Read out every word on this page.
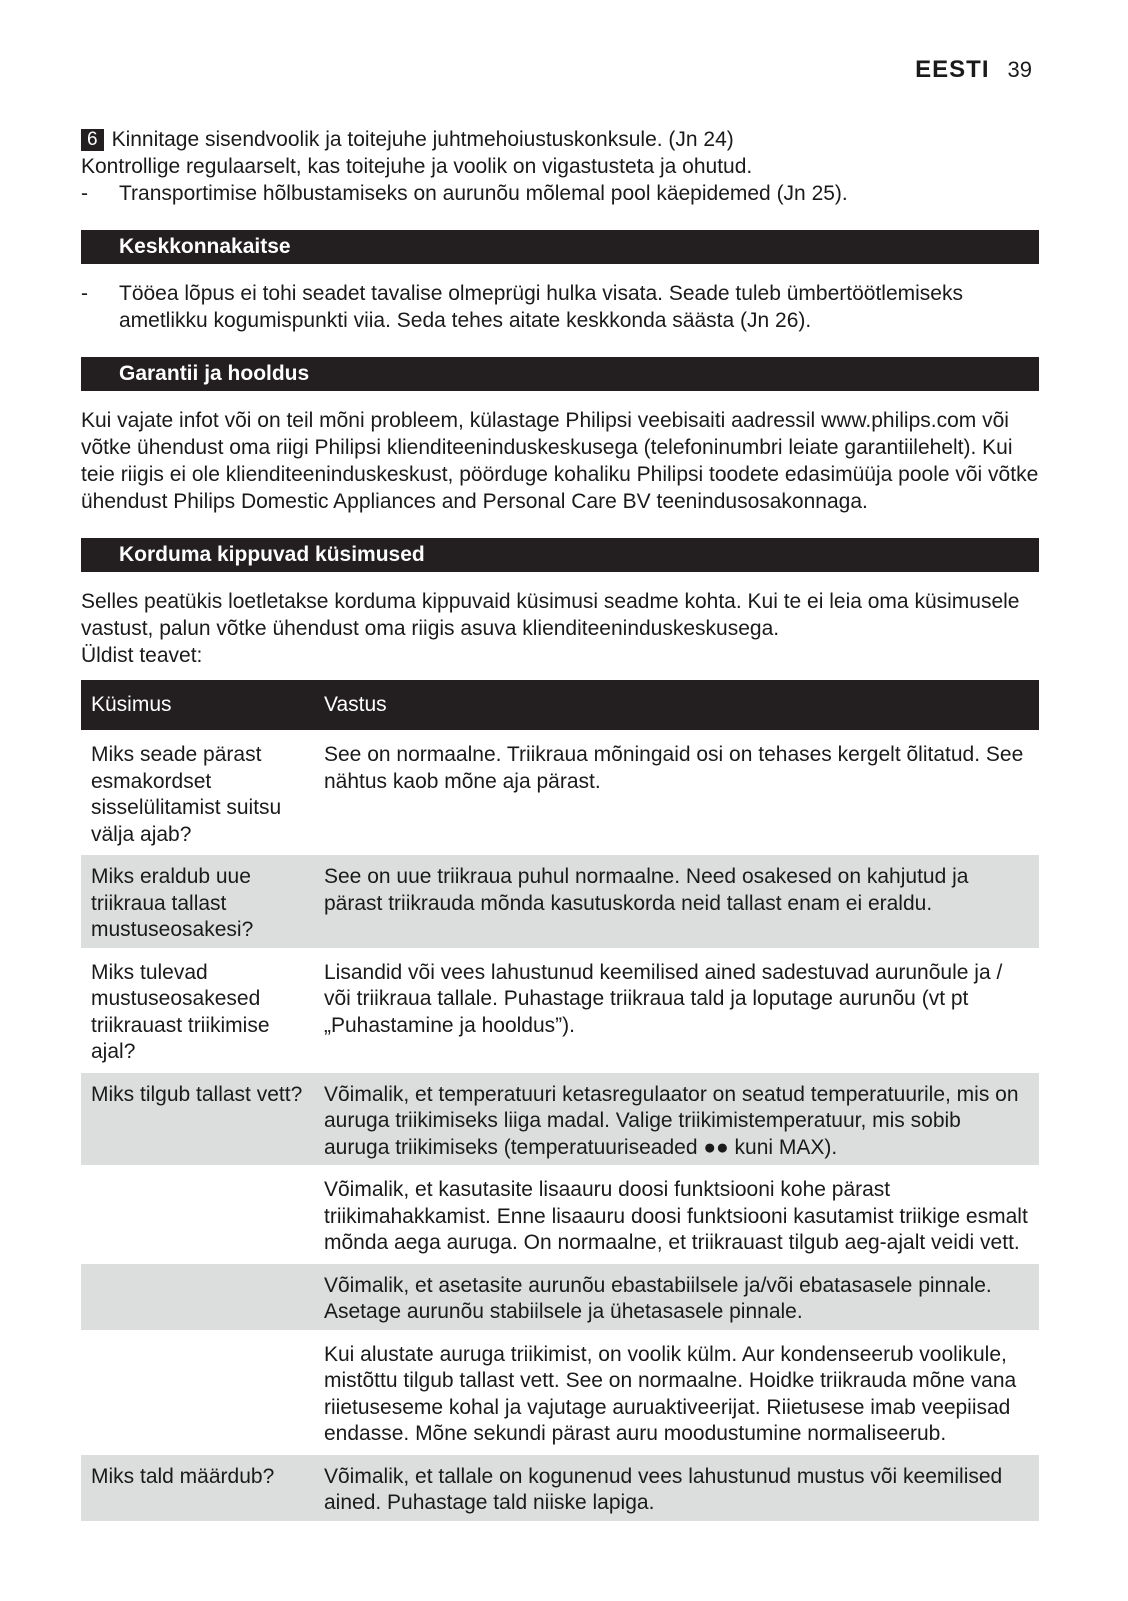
EESTI 39
6 Kinnitage sisendvoolik ja toitejuhe juhtmehoiustuskonksule. (Jn 24)

Kontrollige regulaarselt, kas toitejuhe ja voolik on vigastusteta ja ohutud.

-	Transportimise hõlbustamiseks on aurunõu mõlemal pool käepidemed (Jn 25).
Keskkonnakaitse
-	Tööea lõpus ei tohi seadet tavalise olmeprügi hulka visata. Seade tuleb ümbertöötlemiseks ametlikku kogumispunkti viia. Seda tehes aitate keskkonda säästa (Jn 26).
Garantii ja hooldus

Kui vajate infot või on teil mõni probleem, külastage Philipsi veebisaiti aadressil www.philips.com või võtke ühendust oma riigi Philipsi klienditeeninduskeskusega (telefoninumbri leiate garantiilehelt). Kui teie riigis ei ole klienditeeninduskeskust, pöörduge kohaliku Philipsi toodete edasimüüja poole või võtke ühendust Philips Domestic Appliances and Personal Care BV teenindusosakonnaga.

Korduma kippuvad küsimused

Selles peatükis loetletakse korduma kippuvaid küsimusi seadme kohta. Kui te ei leia oma küsimusele vastust, palun võtke ühendust oma riigis asuva klienditeeninduskeskusega.

Üldist teavet:

Küsimus	Vastus
Miks seade pärast esmakordset sisselülitamist suitsu välja ajab?	See on normaalne. Triikraua mõningaid osi on tehases kergelt õlitatud. See nähtus kaob mõne aja pärast.
Miks eraldub uue triikraua tallast mustuseosakesi?	See on uue triikraua puhul normaalne. Need osakesed on kahjutud ja pärast triikrauda mõnda kasutuskorda neid tallast enam ei eraldu.
Miks tulevad mustuseosakesed triikrauast triikimise ajal?	Lisandid või vees lahustunud keemilised ained sadestuvad aurunõule ja / või triikraua tallale. Puhastage triikraua tald ja loputage aurunõu (vt pt „Puhastamine ja hooldus”).
Miks tilgub tallast vett?	Võimalik, et temperatuuri ketasregulaator on seatud temperatuurile, mis on auruga triikimiseks liiga madal. Valige triikimistemperatuur, mis sobib auruga triikimiseks (temperatuuriseaded ●● kuni MAX).
	Võimalik, et kasutasite lisaauru doosi funktsiooni kohe pärast triikimahakkamist. Enne lisaauru doosi funktsiooni kasutamist triikige esmalt mõnda aega auruga. On normaalne, et triikrauast tilgub aeg-ajalt veidi vett.
	Võimalik, et asetasite aurunõu ebastabiilsele ja/või ebatasasele pinnale. Asetage aurunõu stabiilsele ja ühetasasele pinnale.
	Kui alustate auruga triikimist, on voolik külm. Aur kondenseerub voolikule, mistõttu tilgub tallast vett. See on normaalne. Hoidke triikrauda mõne vana riietuseseme kohal ja vajutage auruaktiveerijat. Riietusese imab veepiisad endasse. Mõne sekundi pärast auru moodustumine normaliseerub.
Miks tald määrdub?	Võimalik, et tallale on kogunenud vees lahustunud mustus või keemilised ained. Puhastage tald niiske lapiga.
